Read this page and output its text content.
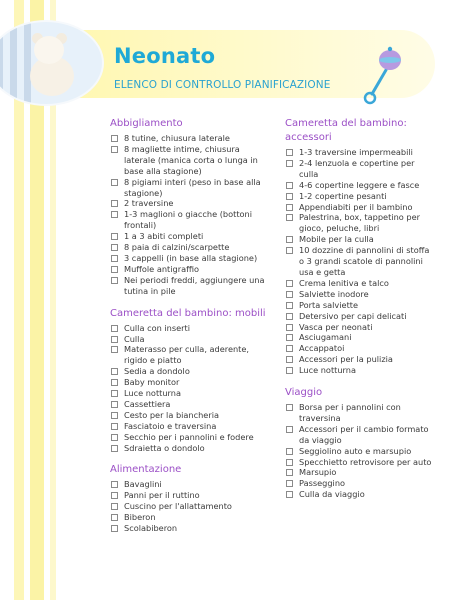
Neonato
ELENCO DI CONTROLLO PIANIFICAZIONE
Abbigliamento
8 tutine, chiusura laterale
8 magliette intime, chiusura laterale (manica corta o lunga in base alla stagione)
8 pigiami interi (peso in base alla stagione)
2 traversine
1-3 maglioni o giacche (bottoni frontali)
1 a 3 abiti completi
8 paia di calzini/scarpette
3 cappelli (in base alla stagione)
Muffole antigraffio
Nei periodi freddi, aggiungere una tutina in pile
Cameretta del bambino: mobili
Culla con inserti
Culla
Materasso per culla, aderente, rigido e piatto
Sedia a dondolo
Baby monitor
Luce notturna
Cassettiera
Cesto per la biancheria
Fasciatoio e traversina
Secchio per i pannolini e fodere
Sdraietta o dondolo
Alimentazione
Bavaglini
Panni per il ruttino
Cuscino per l'allattamento
Biberon
Scolabiberon
Cameretta del bambino: accessori
1-3 traversine impermeabili
2-4 lenzuola e copertine per culla
4-6 copertine leggere e fasce
1-2 copertine pesanti
Appendiabiti per il bambino
Palestrina, box, tappetino per gioco, peluche, libri
Mobile per la culla
10 dozzine di pannolini di stoffa o 3 grandi scatole di pannolini usa e getta
Crema lenitiva e talco
Salviette inodore
Porta salviette
Detersivo per capi delicati
Vasca per neonati
Asciugamani
Accappatoi
Accessori per la pulizia
Luce notturna
Viaggio
Borsa per i pannolini con traversina
Accessori per il cambio formato da viaggio
Seggiolino auto e marsupio
Specchietto retrovisore per auto
Marsupio
Passeggino
Culla da viaggio
